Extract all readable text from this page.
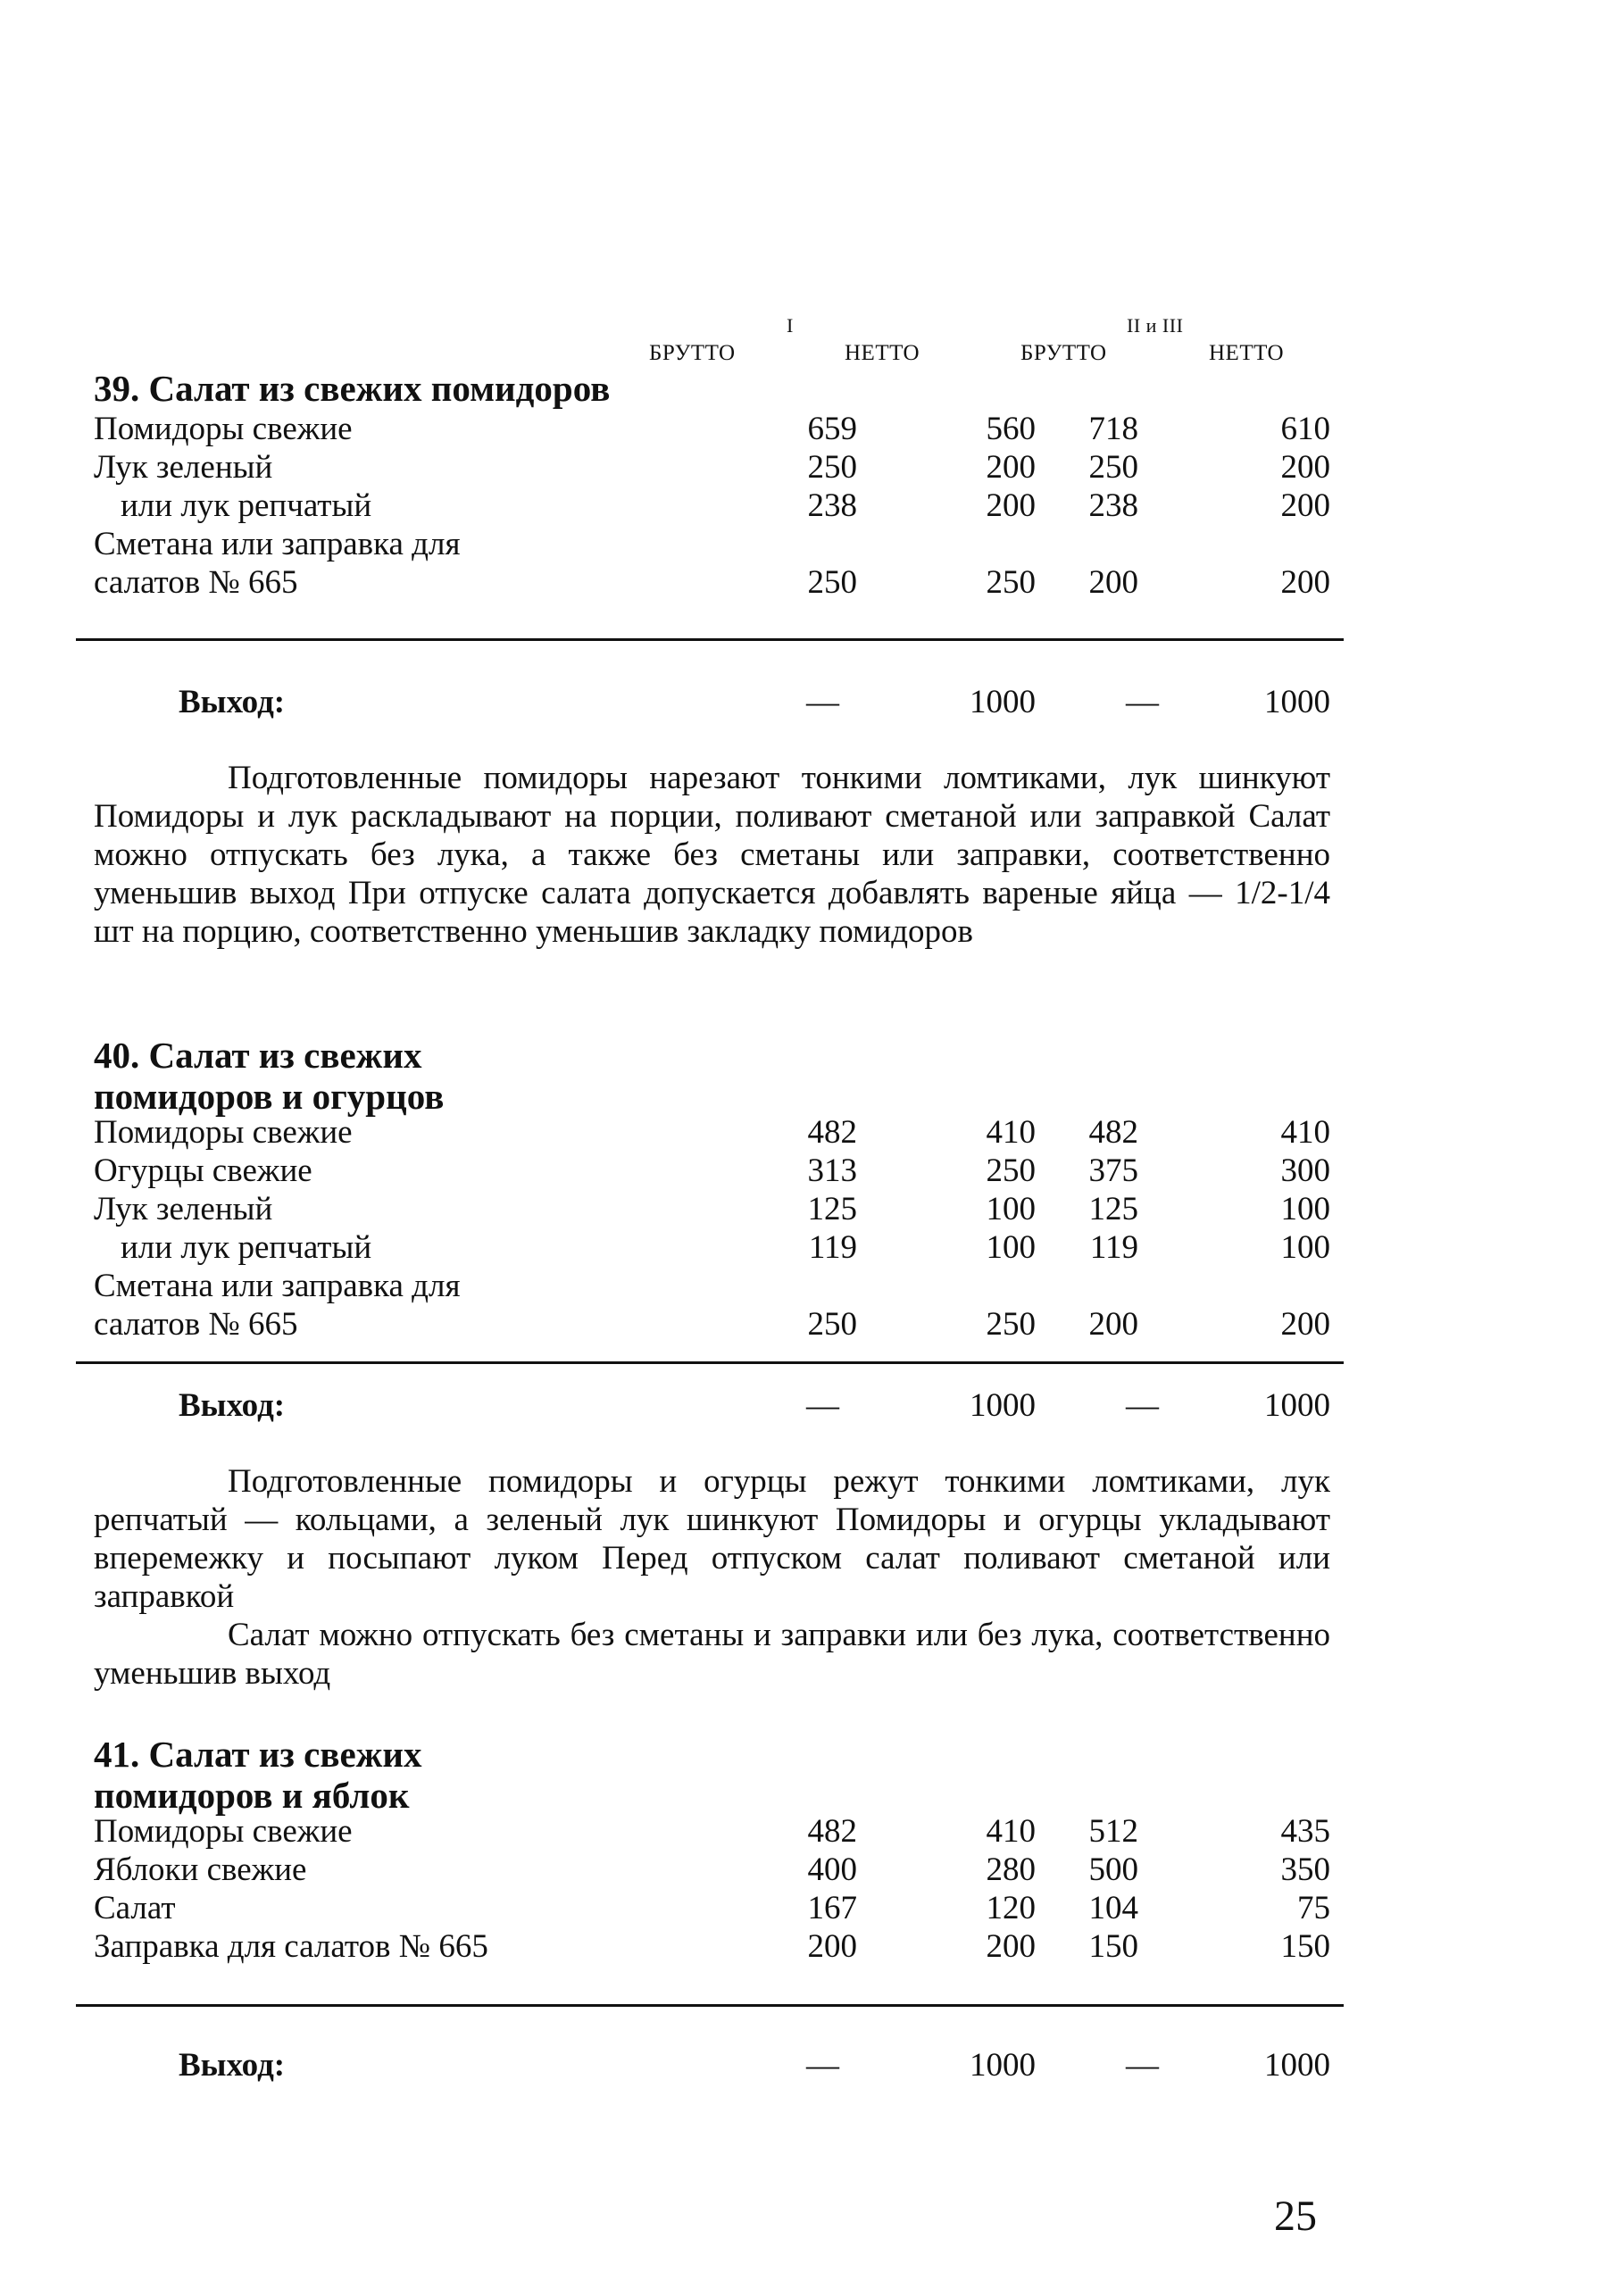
I	II и III
БРУТТО	НЕТТО	БРУТТО	НЕТТО
39. Салат из свежих помидоров
Помидоры свежие	659	560 718	610
Лук зеленый	250	200 250	200
или лук репчатый	238	200 238	200
Сметана или заправка для
салатов № 665	250	250 200	200
Выход:	—	1000	—	1000

Подготовленные помидоры нарезают тонкими ломтиками, лук шинкуют Помидоры и лук раскладывают на порции, поливают сметаной или заправкой Салат можно отпускать без лука, а также без сметаны или заправки, соответственно уменьшив выход При отпуске салата допускается добавлять вареные яйца — 1/2-1/4 шт на порцию, соответственно уменьшив закладку помидоров

40. Салат из свежих
помидоров и огурцов
Помидоры свежие	482	410 482	410
Огурцы свежие	313	250 375	300
Лук зеленый	125	100 125	100
или лук репчатый	119	100 119	100
Сметана или заправка для
салатов № 665	250	250 200	200
Выход:	—	1000	—	1000

Подготовленные помидоры и огурцы режут тонкими ломтиками, лук репчатый — кольцами, а зеленый лук шинкуют Помидоры и огурцы укладывают вперемежку и посыпают луком Перед отпуском салат поливают сметаной или заправкой

Салат можно отпускать без сметаны и заправки или без лука, соответственно уменьшив выход

41. Салат из свежих
помидоров и яблок
Помидоры свежие	482	410 512	435
Яблоки свежие	400	280 500	350
Салат	167	120 104	75
Заправка для салатов № 665	200	200 150	150
Выход:	—	1000	—	1000
25
